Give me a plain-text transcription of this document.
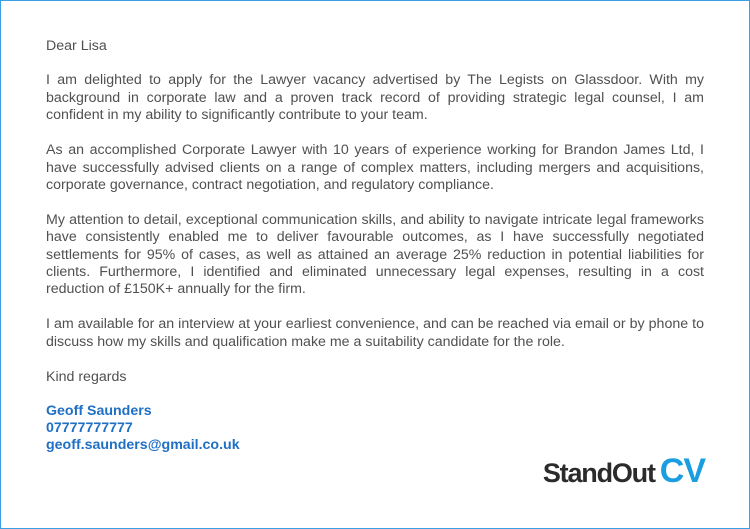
Dear Lisa

I am delighted to apply for the Lawyer vacancy advertised by The Legists on Glassdoor. With my background in corporate law and a proven track record of providing strategic legal counsel, I am confident in my ability to significantly contribute to your team.

As an accomplished Corporate Lawyer with 10 years of experience working for Brandon James Ltd, I have successfully advised clients on a range of complex matters, including mergers and acquisitions, corporate governance, contract negotiation, and regulatory compliance.

My attention to detail, exceptional communication skills, and ability to navigate intricate legal frameworks have consistently enabled me to deliver favourable outcomes, as I have successfully negotiated settlements for 95% of cases, as well as attained an average 25% reduction in potential liabilities for clients. Furthermore, I identified and eliminated unnecessary legal expenses, resulting in a cost reduction of £150K+ annually for the firm.

I am available for an interview at your earliest convenience, and can be reached via email or by phone to discuss how my skills and qualification make me a suitability candidate for the role.

Kind regards

Geoff Saunders

07777777777

geoff.saunders@gmail.co.uk

StandOut CV
